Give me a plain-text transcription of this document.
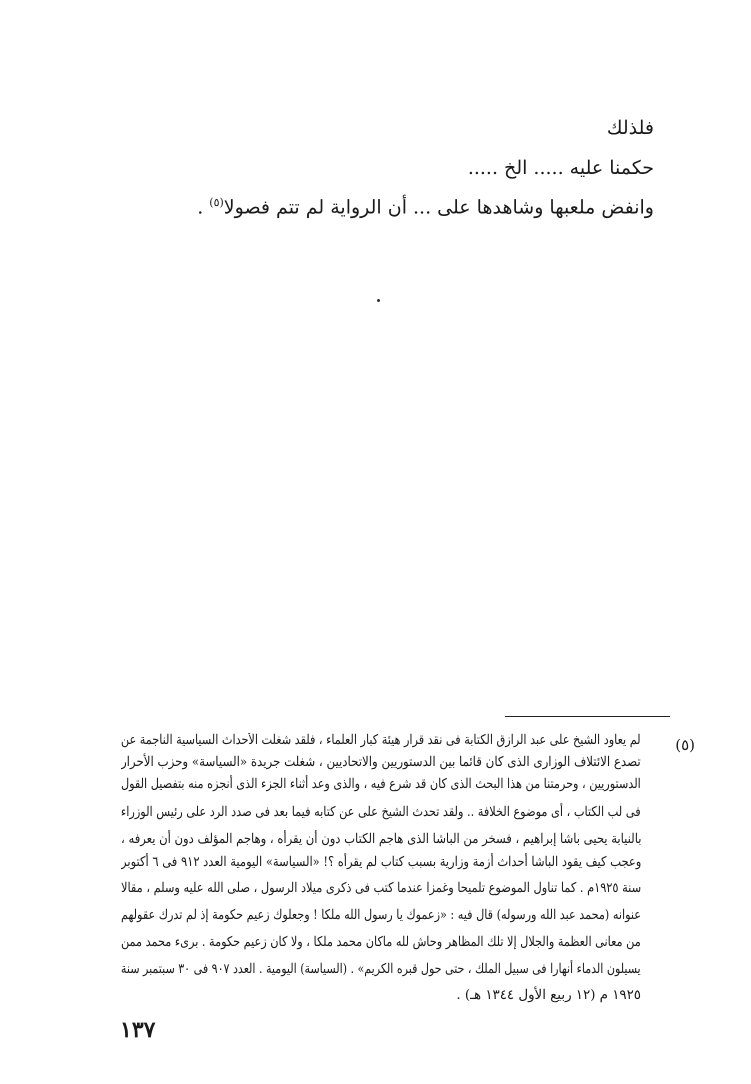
فلذلك
حكمنا عليه ..... الخ .....
وانفض ملعبها وشاهدها على ... أن الرواية لم تتم فصولا$^{(٥)}$ .
(٥)
لم يعاود الشيخ على عبد الرازق الكتابة فى نقد قرار هيئة كبار العلماء ، فلقد شغلت الأحداث السياسية الناجمة عن
تصدع الائتلاف الوزارى الذى كان قائما بين الدستوريين والاتحاديين ، شغلت جريدة «السياسة» وحزب الأحرار
الدستوريين ، وحرمتنا من هذا البحث الذى كان قد شرع فيه ، والذى وعد أثناء الجزء الذى أنجزه منه بتفصيل القول
فى لب الكتاب ، أى موضوع الخلافة .. ولقد تحدث الشيخ على عن كتابه فيما بعد فى صدد الرد على رئيس الوزراء
بالنيابة يحيى باشا إبراهيم ، فسخر من الباشا الذى هاجم الكتاب دون أن يقرأه ، وهاجم المؤلف دون أن يعرفه ،
وعجب كيف يقود الباشا أحداث أزمة وزارية بسبب كتاب لم يقرأه ؟! «السياسة» اليومية العدد ٩١٢ فى ٦ أكتوبر
سنة ١٩٢٥م . كما تناول الموضوع تلميحا وغمزا عندما كتب فى ذكرى ميلاد الرسول ، صلى الله عليه وسلم ، مقالا
عنوانه (محمد عبد الله ورسوله) قال فيه : «زعموك يا رسول الله ملكا ! وجعلوك زعيم حكومة إذ لم تدرك عقولهم
من معانى العظمة والجلال إلا تلك المظاهر وحاش لله ماكان محمد ملكا ، ولا كان زعيم حكومة . برىء محمد ممن
يسيلون الدماء أنهارا فى سبيل الملك ، حتى حول قبره الكريم» . (السياسة) اليومية . العدد ٩٠٧ فى ٣٠ سبتمبر سنة
١٩٢٥ م (١٢ ربيع الأول ١٣٤٤ هـ) .
١٣٧
